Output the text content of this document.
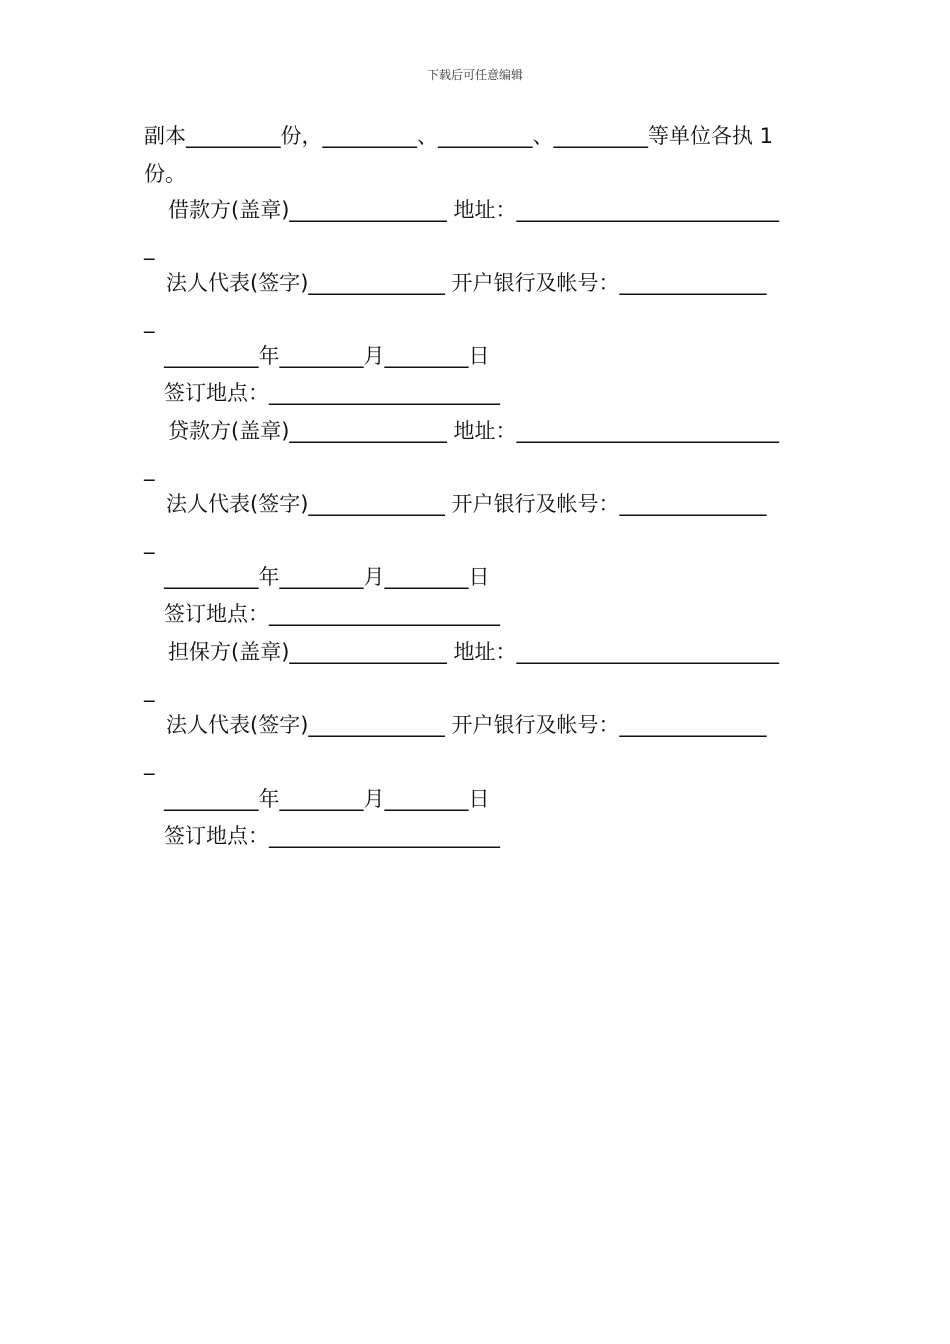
下载后可任意编辑
副本_________份，_________、_________、_________等单位各执 1
份。
借款方(盖章)_______________ 地址：_________________________
_
法人代表(签字)_____________ 开户银行及帐号：______________
_
_________年________月________日
签订地点：______________________
贷款方(盖章)_______________ 地址：_________________________
_
法人代表(签字)_____________ 开户银行及帐号：______________
_
_________年________月________日
签订地点：______________________
担保方(盖章)_______________ 地址：_________________________
_
法人代表(签字)_____________ 开户银行及帐号：______________
_
_________年________月________日
签订地点：______________________
